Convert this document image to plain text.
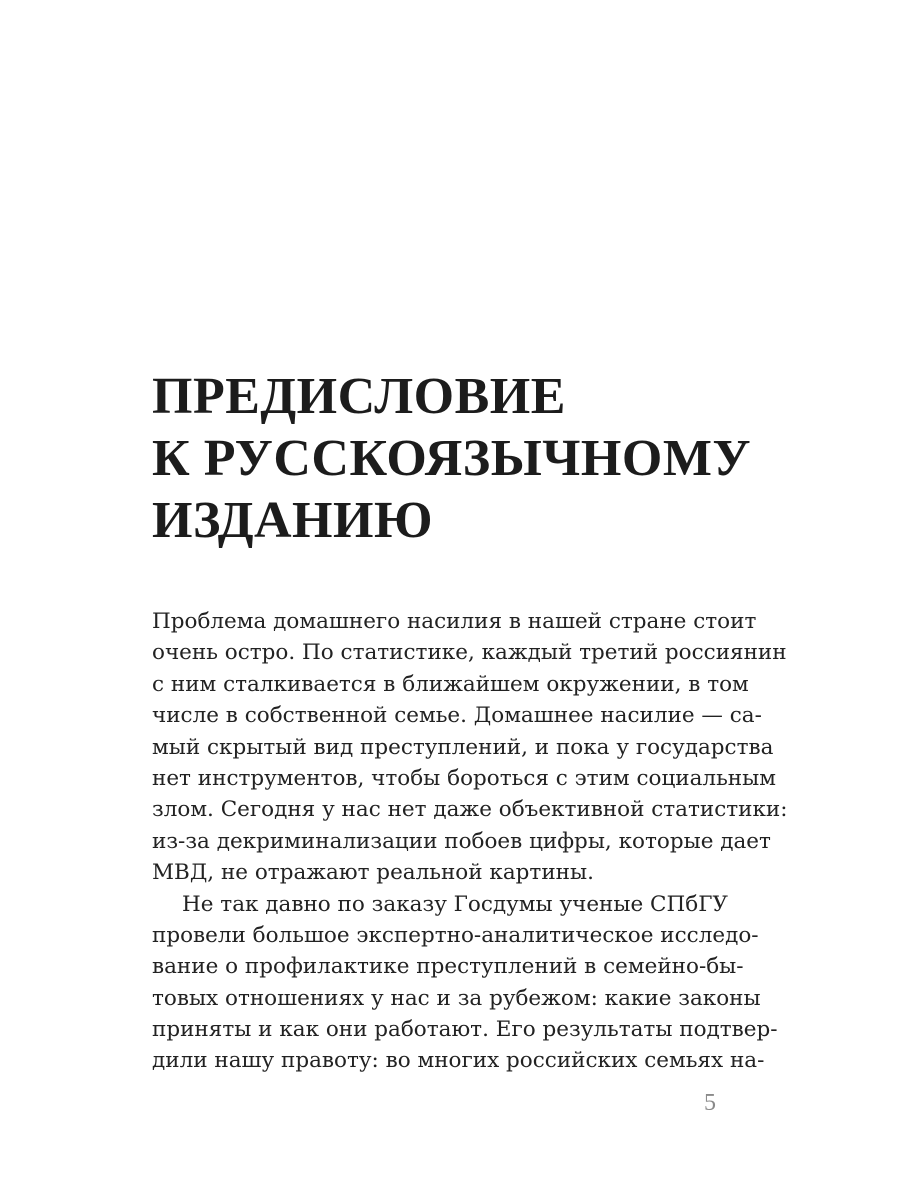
ПРЕДИСЛОВИЕ
К РУССКОЯЗЫЧНОМУ
ИЗДАНИЮ
Проблема домашнего насилия в нашей стране стоит
очень остро. По статистике, каждый третий россиянин
с ним сталкивается в ближайшем окружении, в том
числе в собственной семье. Домашнее насилие — са-
мый скрытый вид преступлений, и пока у государства
нет инструментов, чтобы бороться с этим социальным
злом. Сегодня у нас нет даже объективной статистики:
из-за декриминализации побоев цифры, которые дает
МВД, не отражают реальной картины.
Не так давно по заказу Госдумы ученые СПбГУ
провели большое экспертно-аналитическое исследо-
вание о профилактике преступлений в семейно-бы-
товых отношениях у нас и за рубежом: какие законы
приняты и как они работают. Его результаты подтвер-
дили нашу правоту: во многих российских семьях на-
5
